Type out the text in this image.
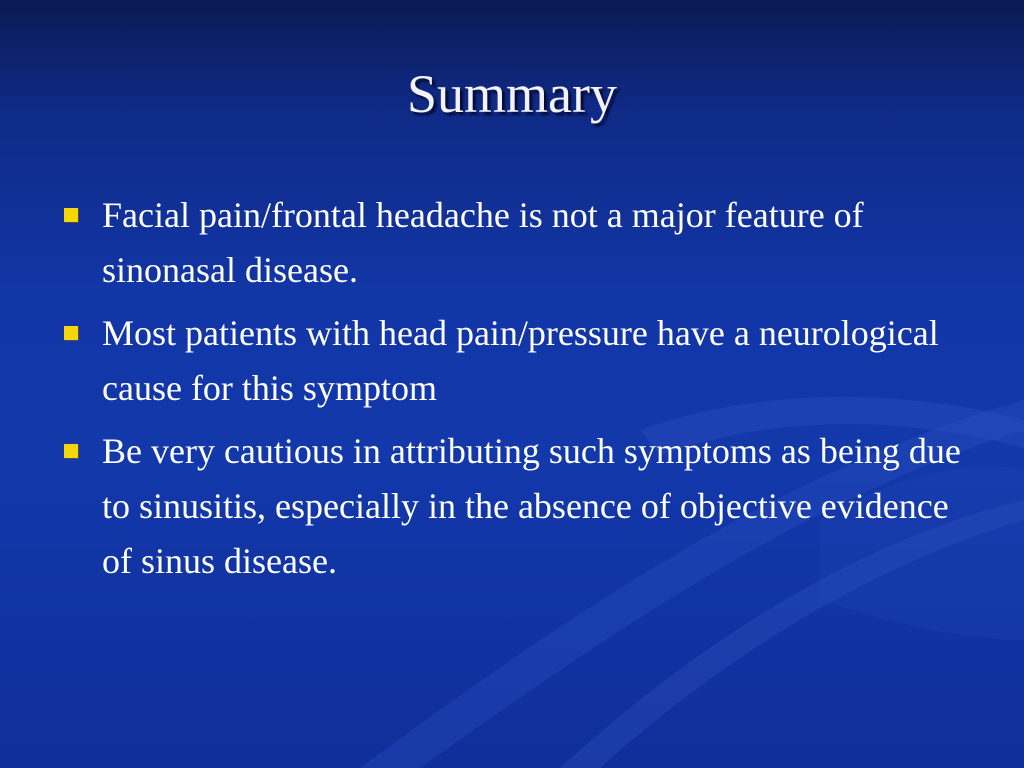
Summary
Facial pain/frontal headache is not a major feature of sinonasal disease.
Most patients with head pain/pressure have a neurological cause for this symptom
Be very cautious in attributing such symptoms as being due to sinusitis, especially in the absence of objective evidence of sinus disease.
